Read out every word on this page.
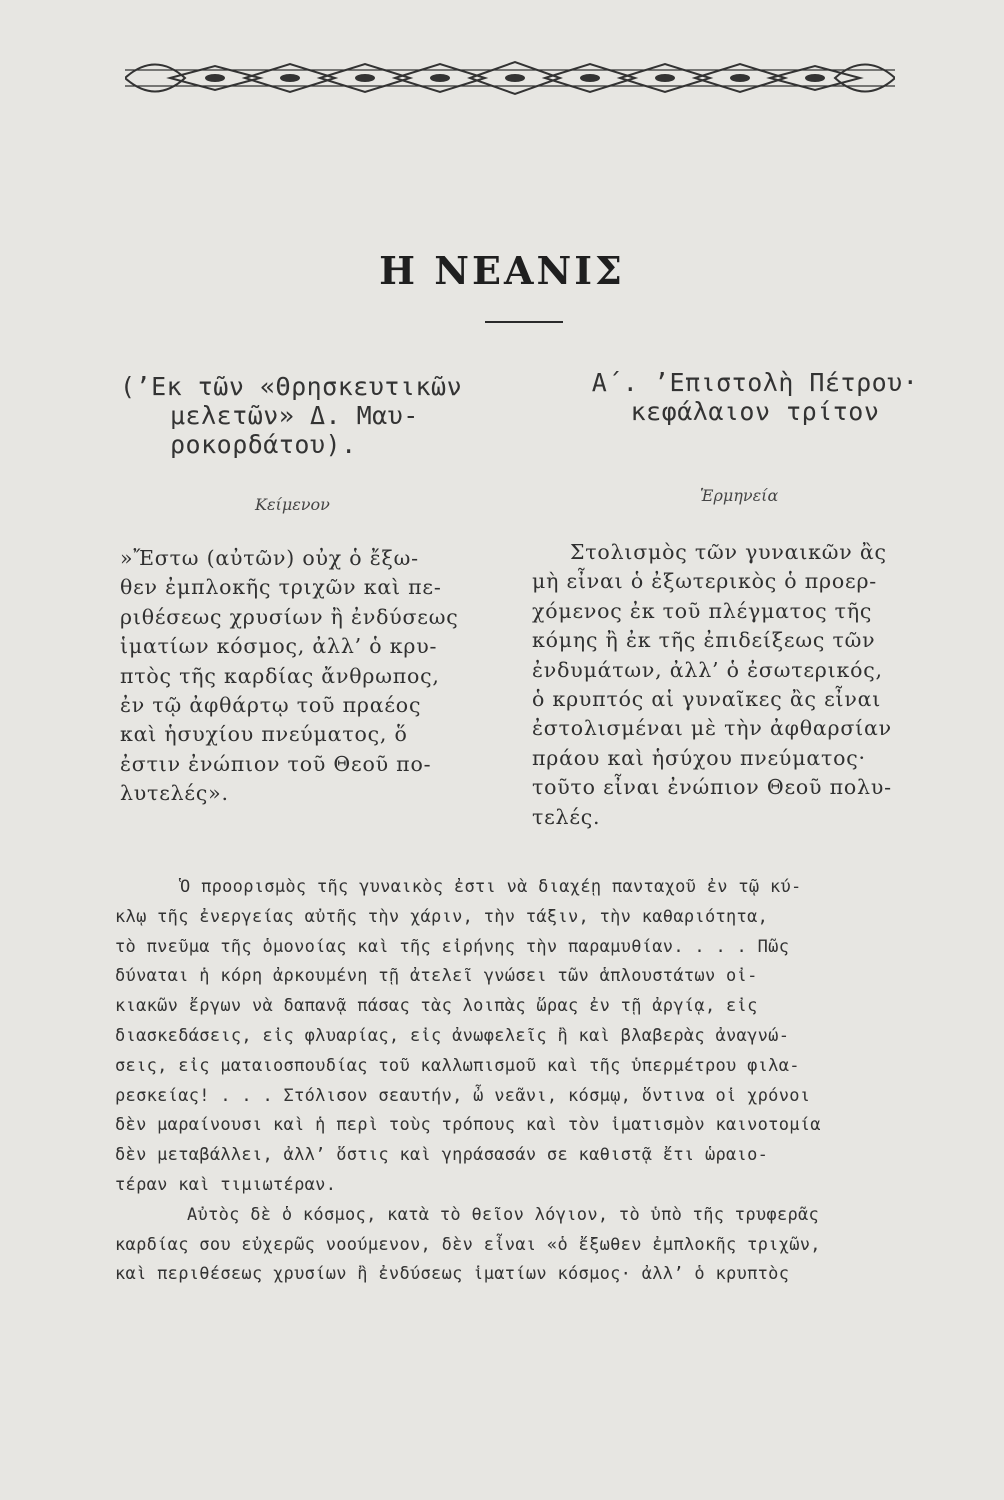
Η ΝΕΑΝΙΣ
(’Εκ τῶν «Θρησκευτικῶν
μελετῶν» Δ. Μαυ-
ροκορδάτου).
Α΄. ’Επιστολὴ Πέτρου·
κεφάλαιον τρίτον
Κείμενον	Ἑρμηνεία
»Ἔστω (αὐτῶν) οὐχ ὁ ἔξω-
θεν ἐμπλοκῆς τριχῶν καὶ πε-
ριθέσεως χρυσίων ἢ ἐνδύσεως
ἱματίων κόσμος, ἀλλ’ ὁ κρυ-
πτὸς τῆς καρδίας ἄνθρωπος,
ἐν τῷ ἀφθάρτῳ τοῦ πραέος
καὶ ἡσυχίου πνεύματος, ὅ
ἐστιν ἐνώπιον τοῦ Θεοῦ πο-
λυτελές».
Στολισμὸς τῶν γυναικῶν ἂς
μὴ εἶναι ὁ ἐξωτερικὸς ὁ προερ-
χόμενος ἐκ τοῦ πλέγματος τῆς
κόμης ἢ ἐκ τῆς ἐπιδείξεως τῶν
ἐνδυμάτων, ἀλλ’ ὁ ἐσωτερικός,
ὁ κρυπτός αἱ γυναῖκες ἂς εἶναι
ἐστολισμέναι μὲ τὴν ἀφθαρσίαν
πράου καὶ ἡσύχου πνεύματος·
τοῦτο εἶναι ἐνώπιον Θεοῦ πολυ-
τελές.
Ὁ προορισμὸς τῆς γυναικὸς ἐστι νὰ διαχέῃ πανταχοῦ ἐν τῷ κύ-
κλῳ τῆς ἐνεργείας αὐτῆς τὴν χάριν, τὴν τάξιν, τὴν καθαριότητα,
τὸ πνεῦμα τῆς ὁμονοίας καὶ τῆς εἰρήνης τὴν παραμυθίαν. . . . Πῶς
δύναται ἡ κόρη ἀρκουμένη τῇ ἀτελεῖ γνώσει τῶν ἁπλουστάτων οἰ-
κιακῶν ἔργων νὰ δαπανᾷ πάσας τὰς λοιπὰς ὥρας ἐν τῇ ἀργίᾳ, εἰς
διασκεδάσεις, εἰς φλυαρίας, εἰς ἀνωφελεῖς ἢ καὶ βλαβερὰς ἀναγνώ-
σεις, εἰς ματαιοσπουδίας τοῦ καλλωπισμοῦ καὶ τῆς ὑπερμέτρου φιλα-
ρεσκείας! . . . Στόλισον σεαυτήν, ὦ νεᾶνι, κόσμῳ, ὅντινα οἱ χρόνοι
δὲν μαραίνουσι καὶ ἡ περὶ τοὺς τρόπους καὶ τὸν ἱματισμὸν καινοτομία
δὲν μεταβάλλει, ἀλλ’ ὅστις καὶ γηράσασάν σε καθιστᾷ ἔτι ὡραιο-
τέραν καὶ τιμιωτέραν.
Αὐτὸς δὲ ὁ κόσμος, κατὰ τὸ θεῖον λόγιον, τὸ ὑπὸ τῆς τρυφερᾶς
καρδίας σου εὐχερῶς νοούμενον, δὲν εἶναι «ὁ ἔξωθεν ἐμπλοκῆς τριχῶν,
καὶ περιθέσεως χρυσίων ἢ ἐνδύσεως ἱματίων κόσμος· ἀλλ’ ὁ κρυπτὸς
